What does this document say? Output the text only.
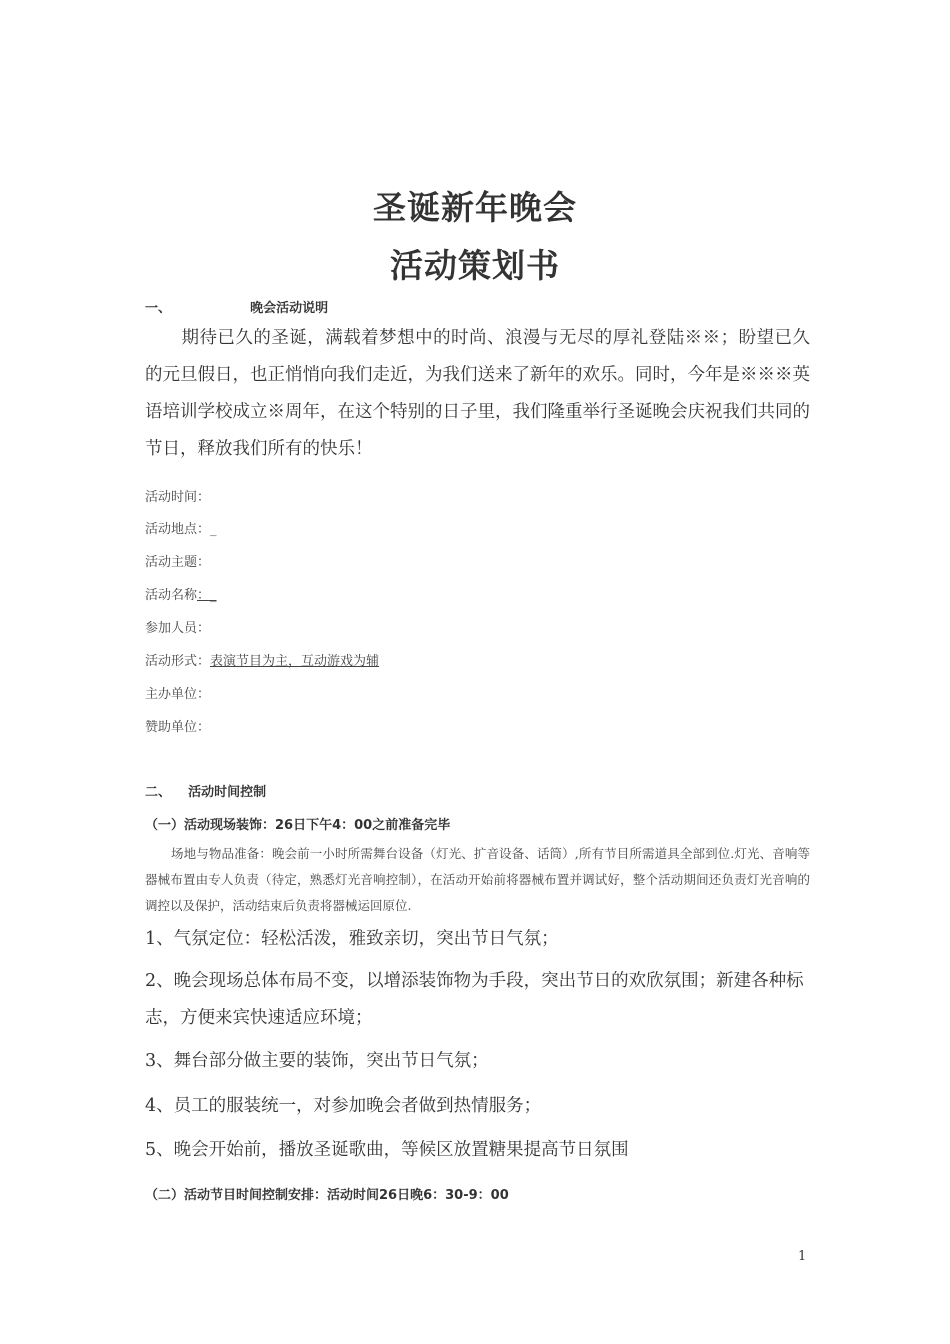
圣诞新年晚会
活动策划书
一、	晚会活动说明
期待已久的圣诞，满载着梦想中的时尚、浪漫与无尽的厚礼登陆※※；盼望已久的元旦假日，也正悄悄向我们走近，为我们送来了新年的欢乐。同时，今年是※※※英语培训学校成立※周年，在这个特别的日子里，我们隆重举行圣诞晚会庆祝我们共同的节日，释放我们所有的快乐！
活动时间：
活动地点：_
活动主题：
活动名称：_
参加人员：
活动形式：表演节目为主，互动游戏为辅
主办单位：
赞助单位：
二、 活动时间控制
（一）活动现场装饰：26日下午4：00之前准备完毕
场地与物品准备：晚会前一小时所需舞台设备（灯光、扩音设备、话筒）,所有节目所需道具全部到位.灯光、音响等器械布置由专人负责（待定，熟悉灯光音响控制），在活动开始前将器械布置并调试好，整个活动期间还负责灯光音响的调控以及保护，活动结束后负责将器械运回原位.
1、气氛定位：轻松活泼，雅致亲切，突出节日气氛；
2、晚会现场总体布局不变，以增添装饰物为手段，突出节日的欢欣氛围；新建各种标志，方便来宾快速适应环境；
3、舞台部分做主要的装饰，突出节日气氛；
4、员工的服装统一，对参加晚会者做到热情服务；
5、晚会开始前，播放圣诞歌曲，等候区放置糖果提高节日氛围
（二）活动节目时间控制安排：活动时间26日晚6：30-9：00
1
